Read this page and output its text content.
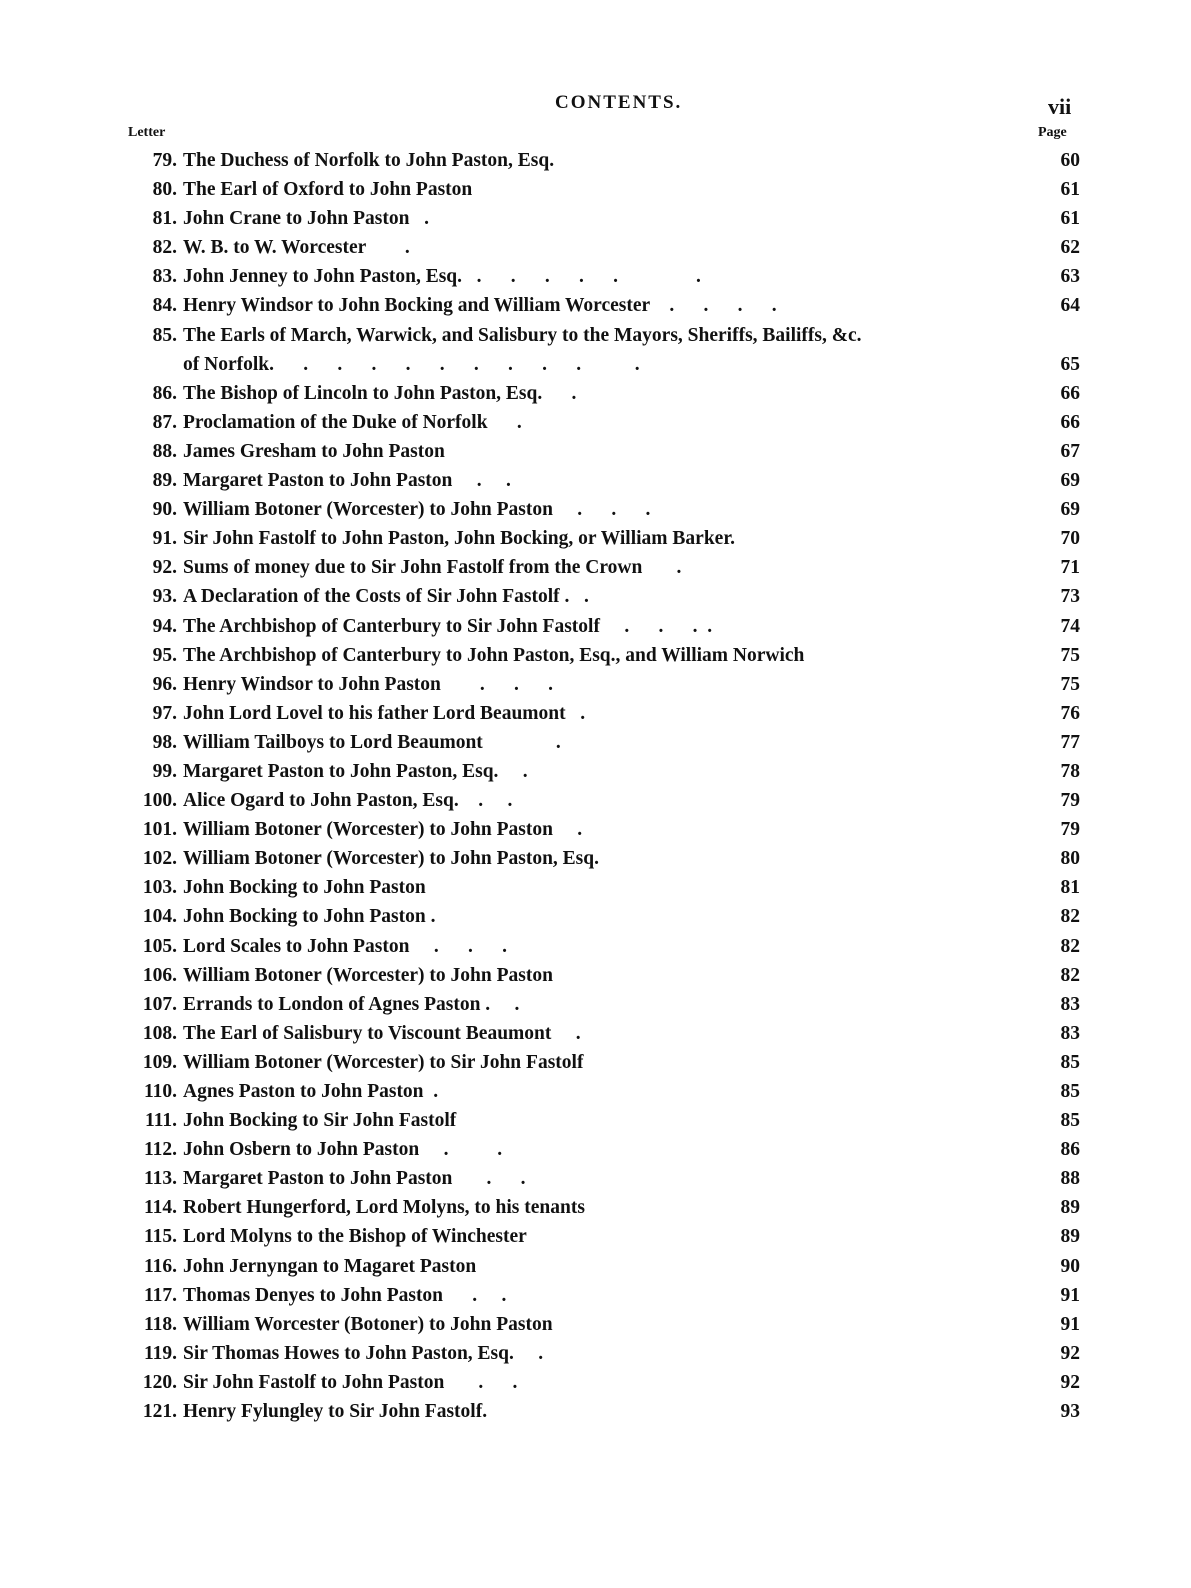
CONTENTS.	vii
Letter	Page
79. The Duchess of Norfolk to John Paston, Esq.	60
80. The Earl of Oxford to John Paston	61
81. John Crane to John Paston   .	61
82. W. B. to W. Worcester        .	62
83. John Jenney to John Paston, Esq.   .      .      .      .      .                .	63
84. Henry Windsor to John Bocking and William Worcester    .      .      .      .	64
85. The Earls of March, Warwick, and Salisbury to the Mayors, Sheriffs, Bailiffs, &c.
of Norfolk.      .      .      .      .      .      .      .      .      .           .	65
86. The Bishop of Lincoln to John Paston, Esq.      .	66
87. Proclamation of the Duke of Norfolk      .	66
88. James Gresham to John Paston	67
89. Margaret Paston to John Paston     .     .	69
90. William Botoner (Worcester) to John Paston     .      .      .	69
91. Sir John Fastolf to John Paston, John Bocking, or William Barker.	70
92. Sums of money due to Sir John Fastolf from the Crown       .	71
93. A Declaration of the Costs of Sir John Fastolf .   .	73
94. The Archbishop of Canterbury to Sir John Fastolf     .      .      .  .	74
95. The Archbishop of Canterbury to John Paston, Esq., and William Norwich	75
96. Henry Windsor to John Paston        .      .      .	75
97. John Lord Lovel to his father Lord Beaumont   .	76
98. William Tailboys to Lord Beaumont               .	77
99. Margaret Paston to John Paston, Esq.     .	78
100. Alice Ogard to John Paston, Esq.    .     .	79
101. William Botoner (Worcester) to John Paston     .	79
102. William Botoner (Worcester) to John Paston, Esq.	80
103. John Bocking to John Paston	81
104. John Bocking to John Paston .	82
105. Lord Scales to John Paston     .      .      .	82
106. William Botoner (Worcester) to John Paston	82
107. Errands to London of Agnes Paston .     .	83
108. The Earl of Salisbury to Viscount Beaumont     .	83
109. William Botoner (Worcester) to Sir John Fastolf	85
110. Agnes Paston to John Paston  .	85
111. John Bocking to Sir John Fastolf	85
112. John Osbern to John Paston     .          .	86
113. Margaret Paston to John Paston       .      .	88
114. Robert Hungerford, Lord Molyns, to his tenants	89
115. Lord Molyns to the Bishop of Winchester	89
116. John Jernyngan to Magaret Paston	90
117. Thomas Denyes to John Paston      .     .	91
118. William Worcester (Botoner) to John Paston	91
119. Sir Thomas Howes to John Paston, Esq.     .	92
120. Sir John Fastolf to John Paston       .      .	92
121. Henry Fylungley to Sir John Fastolf.	93
